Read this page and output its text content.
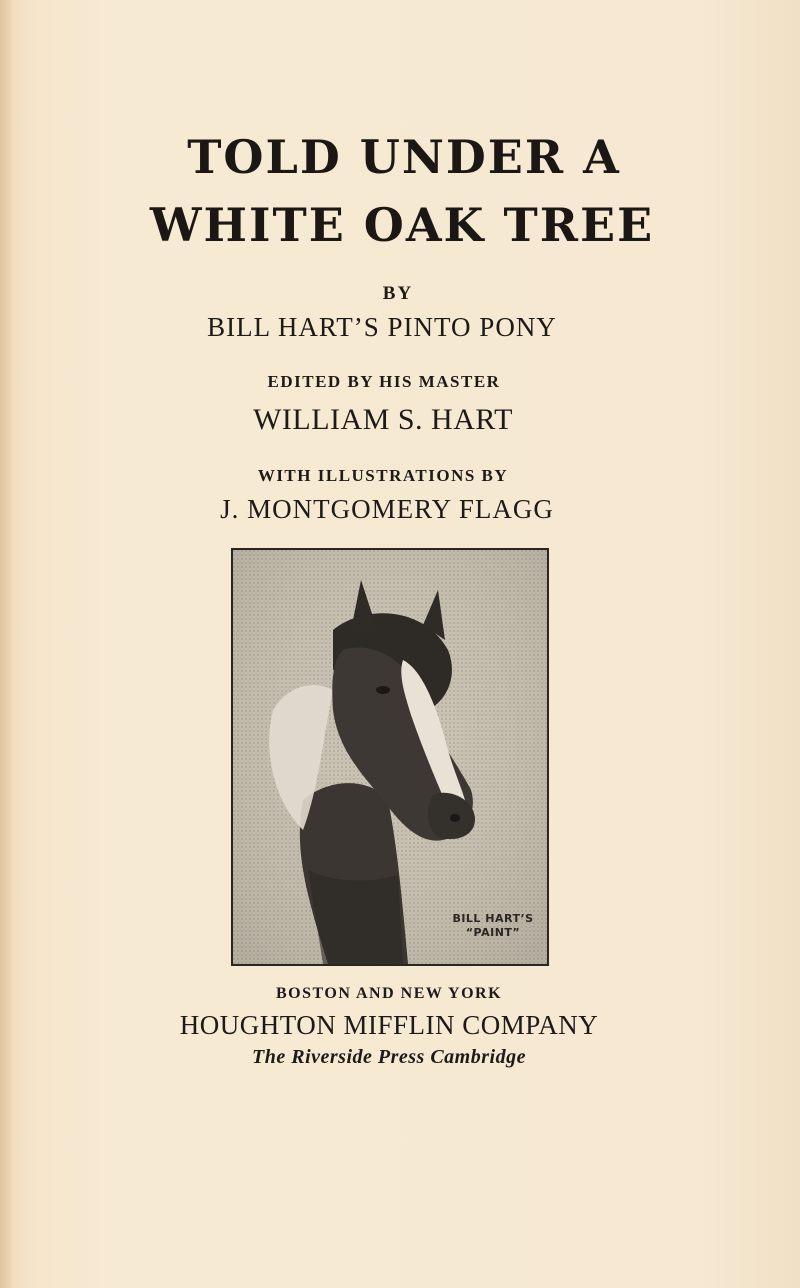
TOLD UNDER A
WHITE OAK TREE
BY
BILL HART’S PINTO PONY
EDITED BY HIS MASTER
WILLIAM S. HART
WITH ILLUSTRATIONS BY
J. MONTGOMERY FLAGG
BILL HART’S
“PAINT”
BOSTON AND NEW YORK
HOUGHTON MIFFLIN COMPANY
The Riverside Press Cambridge
